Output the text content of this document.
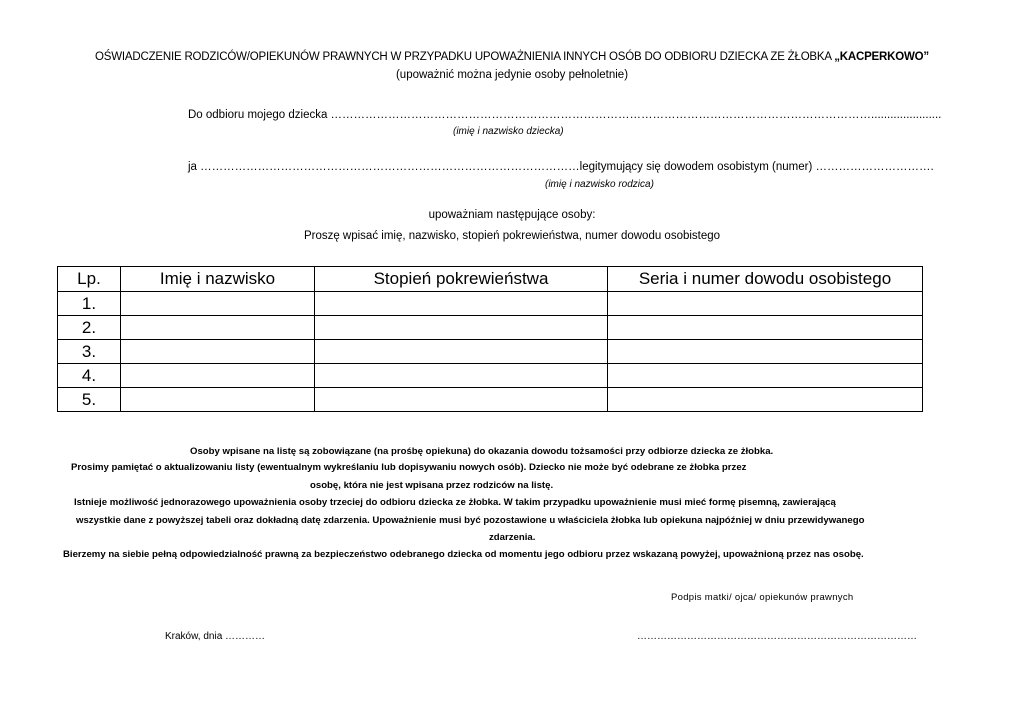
OŚWIADCZENIE RODZICÓW/OPIEKUNÓW PRAWNYCH W PRZYPADKU UPOWAŻNIENIA INNYCH OSÓB DO ODBIORU DZIECKA ZE ŻŁOBKA „KACPERKOWO”
(upoważnić można jedynie osoby pełnoletnie)
Do odbioru mojego dziecka ……………………………………………………………………………………………………………………………......................
(imię i nazwisko dziecka)
ja ………………………………………………………………………………………legitymujący się dowodem osobistym (numer) ………………………….
(imię i nazwisko rodzica)
upoważniam następujące osoby:
Proszę wpisać imię, nazwisko, stopień pokrewieństwa, numer dowodu osobistego
Lp.	Imię i nazwisko	Stopień pokrewieństwa	Seria i numer dowodu osobistego
1.			
2.			
3.			
4.			
5.			
Osoby wpisane na listę są zobowiązane (na prośbę opiekuna) do okazania dowodu tożsamości przy odbiorze dziecka ze żłobka.
Prosimy pamiętać o aktualizowaniu listy (ewentualnym wykreślaniu lub dopisywaniu nowych osób). Dziecko nie może być odebrane ze żłobka przez
osobę, która nie jest wpisana przez rodziców na listę.
Istnieje możliwość jednorazowego upoważnienia osoby trzeciej do odbioru dziecka ze żłobka. W takim przypadku upoważnienie musi mieć formę pisemną, zawierającą
wszystkie dane z powyższej tabeli oraz dokładną datę zdarzenia. Upoważnienie musi być pozostawione u właściciela żłobka lub opiekuna najpóźniej w dniu przewidywanego
zdarzenia.
Bierzemy na siebie pełną odpowiedzialność prawną za bezpieczeństwo odebranego dziecka od momentu jego odbioru przez wskazaną powyżej, upoważnioną przez nas osobę.
Podpis matki/ ojca/ opiekunów prawnych
Kraków, dnia …………	…………………………………………………………………………
